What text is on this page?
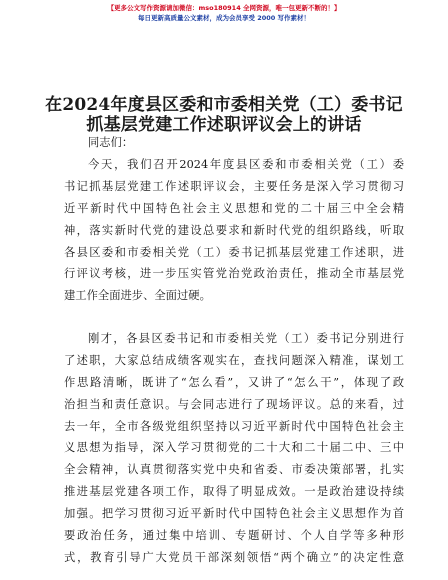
【更多公文写作资源请加微信：mso180914 全网资源，唯一包更新不断的！】
每日更新高质量公文素材，成为会员享受 2000 写作素材！
在2024年度县区委和市委相关党（工）委书记
抓基层党建工作述职评议会上的讲话
同志们：
今天，我们召开2024年度县区委和市委相关党（工）委
书记抓基层党建工作述职评议会，主要任务是深入学习贯彻习
近平新时代中国特色社会主义思想和党的二十届三中全会精
神，落实新时代党的建设总要求和新时代党的组织路线，听取
各县区委和市委相关党（工）委书记抓基层党建工作述职，进
行评议考核，进一步压实管党治党政治责任，推动全市基层党
建工作全面进步、全面过硬。
刚才，各县区委书记和市委相关党（工）委书记分别进行
了述职，大家总结成绩客观实在，查找问题深入精准，谋划工
作思路清晰，既讲了“怎么看”，又讲了“怎么干”，体现了政
治担当和责任意识。与会同志进行了现场评议。总的来看，过
去一年，全市各级党组织坚持以习近平新时代中国特色社会主
义思想为指导，深入学习贯彻党的二十大和二十届二中、三中
全会精神，认真贯彻落实党中央和省委、市委决策部署，扎实
推进基层党建各项工作，取得了明显成效。一是政治建设持续
加强。把学习贯彻习近平新时代中国特色社会主义思想作为首
要政治任务，通过集中培训、专题研讨、个人自学等多种形
式，教育引导广大党员干部深刻领悟“两个确立”的决定性意
